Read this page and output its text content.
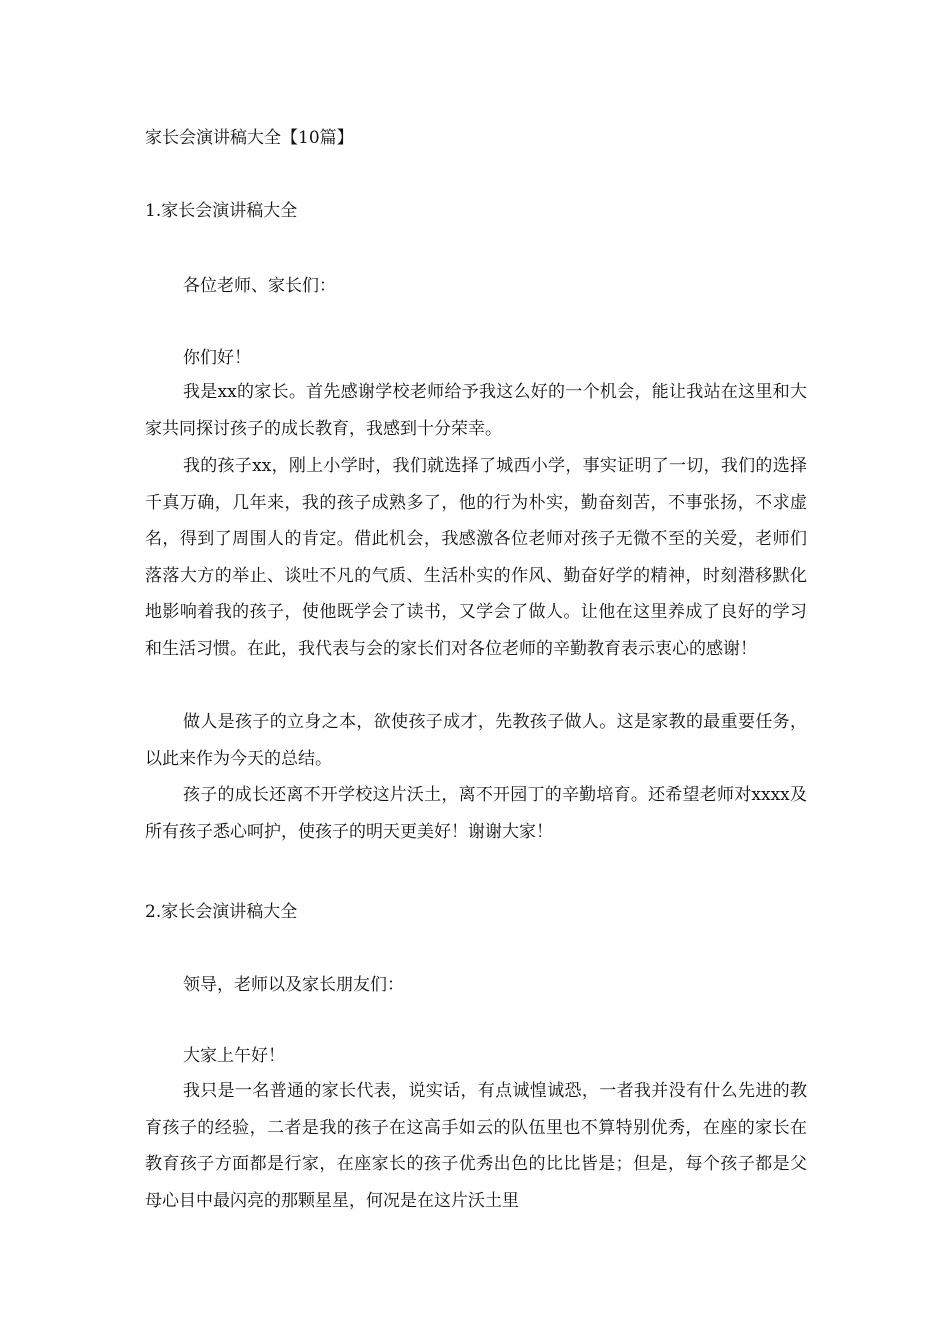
家长会演讲稿大全【10篇】

1.家长会演讲稿大全

各位老师、家长们：

你们好！

我是xx的家长。首先感谢学校老师给予我这么好的一个机会，能让我站在这里和大家共同探讨孩子的成长教育，我感到十分荣幸。

我的孩子xx，刚上小学时，我们就选择了城西小学，事实证明了一切，我们的选择千真万确，几年来，我的孩子成熟多了，他的行为朴实，勤奋刻苦，不事张扬，不求虚名，得到了周围人的肯定。借此机会，我感激各位老师对孩子无微不至的关爱，老师们落落大方的举止、谈吐不凡的气质、生活朴实的作风、勤奋好学的精神，时刻潜移默化地影响着我的孩子，使他既学会了读书，又学会了做人。让他在这里养成了良好的学习和生活习惯。在此，我代表与会的家长们对各位老师的辛勤教育表示衷心的感谢！

做人是孩子的立身之本，欲使孩子成才，先教孩子做人。这是家教的最重要任务，以此来作为今天的总结。

孩子的成长还离不开学校这片沃土，离不开园丁的辛勤培育。还希望老师对xxxx及所有孩子悉心呵护，使孩子的明天更美好！谢谢大家！

2.家长会演讲稿大全

领导，老师以及家长朋友们：

大家上午好！

我只是一名普通的家长代表，说实话，有点诚惶诚恐，一者我并没有什么先进的教育孩子的经验，二者是我的孩子在这高手如云的队伍里也不算特别优秀，在座的家长在教育孩子方面都是行家，在座家长的孩子优秀出色的比比皆是；但是，每个孩子都是父母心目中最闪亮的那颗星星，何况是在这片沃土里
